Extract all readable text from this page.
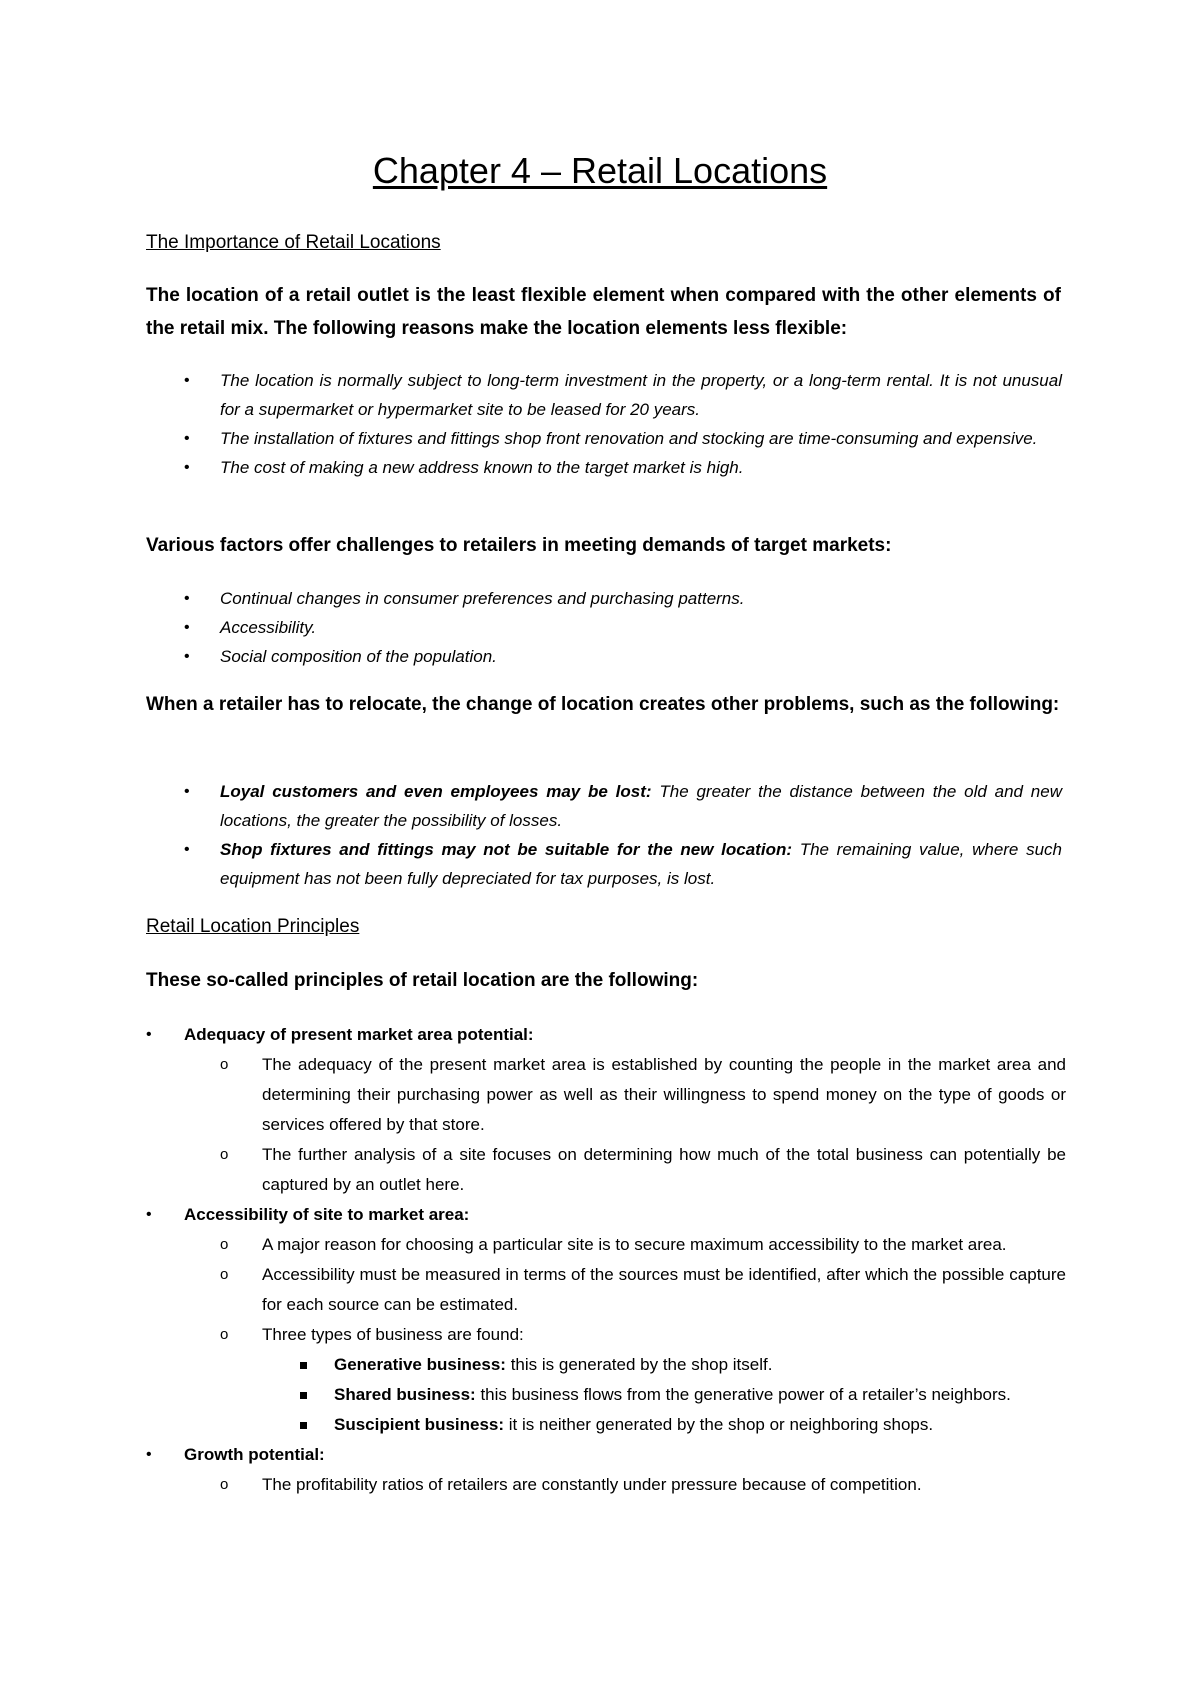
Chapter 4 – Retail Locations
The Importance of Retail Locations

The location of a retail outlet is the least flexible element when compared with the other elements of the retail mix. The following reasons make the location elements less flexible:

• The location is normally subject to long-term investment in the property, or a long-term rental. It is not unusual for a supermarket or hypermarket site to be leased for 20 years.
• The installation of fixtures and fittings shop front renovation and stocking are time-consuming and expensive.
• The cost of making a new address known to the target market is high.

Various factors offer challenges to retailers in meeting demands of target markets:

• Continual changes in consumer preferences and purchasing patterns.
• Accessibility.
• Social composition of the population.

When a retailer has to relocate, the change of location creates other problems, such as the following:

• Loyal customers and even employees may be lost: The greater the distance between the old and new locations, the greater the possibility of losses.
• Shop fixtures and fittings may not be suitable for the new location: The remaining value, where such equipment has not been fully depreciated for tax purposes, is lost.
Retail Location Principles

These so-called principles of retail location are the following:

• Adequacy of present market area potential:
o The adequacy of the present market area is established by counting the people in the market area and determining their purchasing power as well as their willingness to spend money on the type of goods or services offered by that store.
o The further analysis of a site focuses on determining how much of the total business can potentially be captured by an outlet here.
• Accessibility of site to market area:
o A major reason for choosing a particular site is to secure maximum accessibility to the market area.
o Accessibility must be measured in terms of the sources must be identified, after which the possible capture for each source can be estimated.
o Three types of business are found:
Generative business: this is generated by the shop itself.
Shared business: this business flows from the generative power of a retailer’s neighbors.
Suscipient business: it is neither generated by the shop or neighboring shops.
• Growth potential:
o The profitability ratios of retailers are constantly under pressure because of competition.
